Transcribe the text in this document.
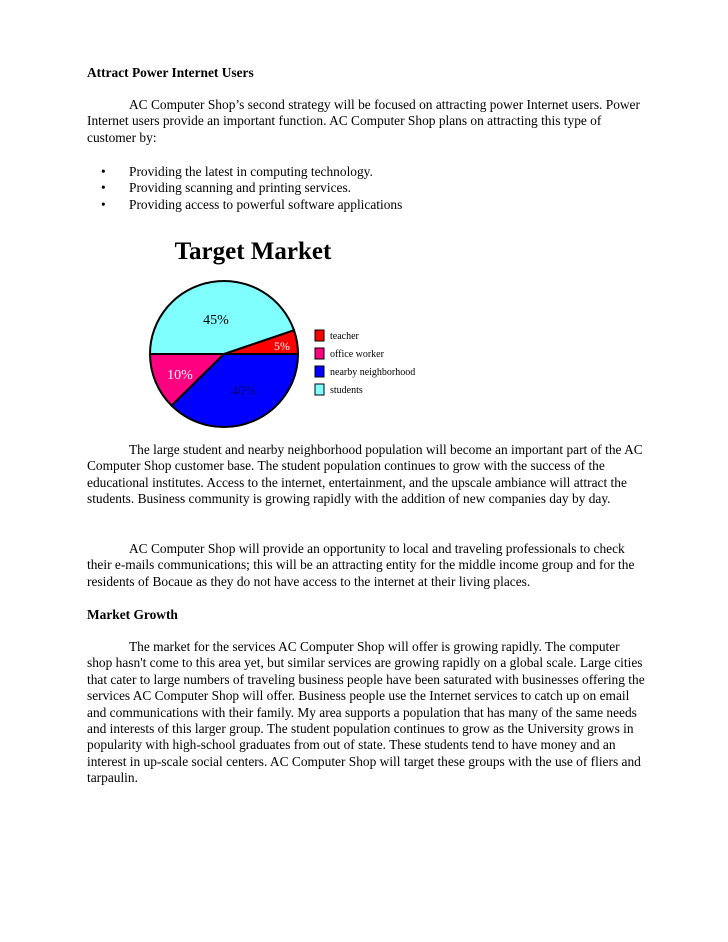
Attract Power Internet Users

AC Computer Shop’s second strategy will be focused on attracting power Internet users. Power Internet users provide an important function. AC Computer Shop plans on attracting this type of customer by:

• Providing the latest in computing technology.
• Providing scanning and printing services.
• Providing access to powerful software applications
Target Market
5%
10%
40%
45%
teacher
office worker
nearby neighborhood
students

The large student and nearby neighborhood population will become an important part of the AC Computer Shop customer base. The student population continues to grow with the success of the educational institutes. Access to the internet, entertainment, and the upscale ambiance will attract the students. Business community is growing rapidly with the addition of new companies day by day.

AC Computer Shop will provide an opportunity to local and traveling professionals to check their e-mails communications; this will be an attracting entity for the middle income group and for the residents of Bocaue as they do not have access to the internet at their living places.

Market Growth

The market for the services AC Computer Shop will offer is growing rapidly. The computer shop hasn't come to this area yet, but similar services are growing rapidly on a global scale. Large cities that cater to large numbers of traveling business people have been saturated with businesses offering the services AC Computer Shop will offer. Business people use the Internet services to catch up on email and communications with their family. My area supports a population that has many of the same needs and interests of this larger group. The student population continues to grow as the University grows in popularity with high-school graduates from out of state. These students tend to have money and an interest in up-scale social centers. AC Computer Shop will target these groups with the use of fliers and tarpaulin.
